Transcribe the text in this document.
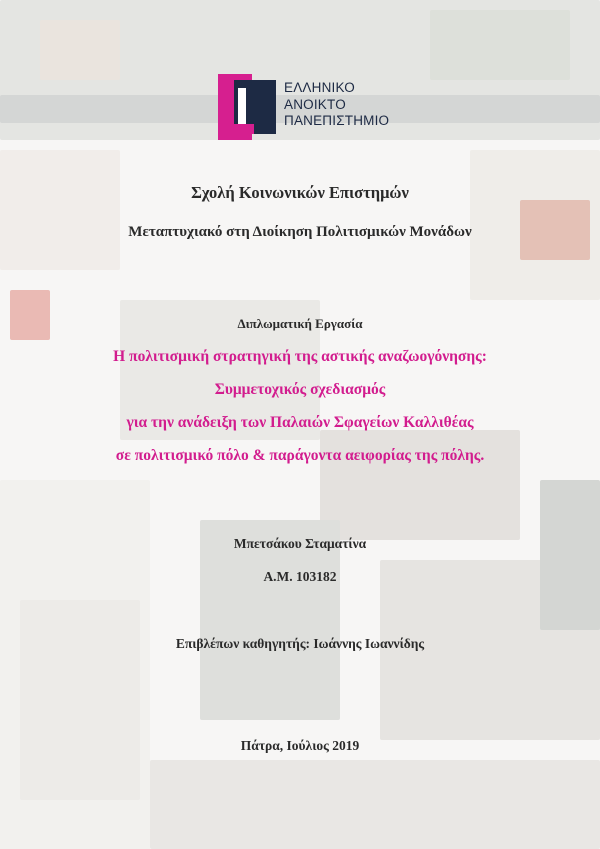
ΕΛΛΗΝΙΚΟ
ΑΝΟΙΚΤΟ
ΠΑΝΕΠΙΣΤΗΜΙΟ
Σχολή Κοινωνικών Επιστημών
Μεταπτυχιακό στη Διοίκηση Πολιτισμικών Μονάδων
Διπλωματική Εργασία
Η πολιτισμική στρατηγική της αστικής αναζωογόνησης:
Συμμετοχικός σχεδιασμός
για την ανάδειξη των Παλαιών Σφαγείων Καλλιθέας
σε πολιτισμικό πόλο & παράγοντα αειφορίας της πόλης.
Μπετσάκου Σταματίνα
Α.Μ. 103182
Επιβλέπων καθηγητής: Ιωάννης Ιωαννίδης
Πάτρα, Ιούλιος 2019
